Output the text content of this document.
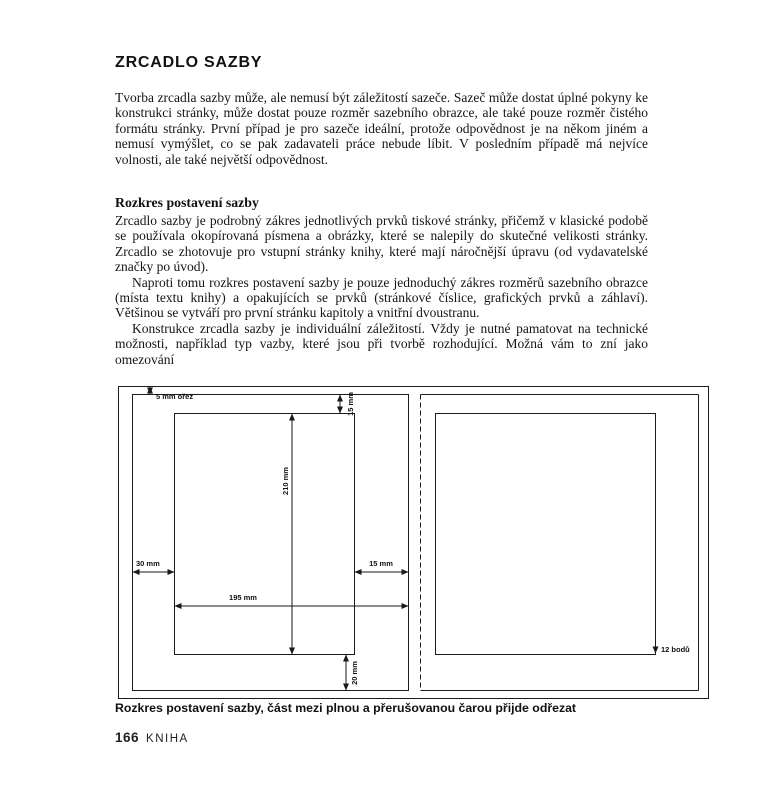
ZRCADLO SAZBY

Tvorba zrcadla sazby může, ale nemusí být záležitostí sazeče. Sazeč může dostat úplné pokyny ke konstrukci stránky, může dostat pouze rozměr sazebního obrazce, ale také pouze rozměr čistého formátu stránky. První případ je pro sazeče ideální, protože odpovědnost je na někom jiném a nemusí vymýšlet, co se pak zadavateli práce nebude líbit. V posledním případě má nejvíce volnosti, ale také největší odpovědnost.

Rozkres postavení sazby

Zrcadlo sazby je podrobný zákres jednotlivých prvků tiskové stránky, přičemž v klasické podobě se používala okopírovaná písmena a obrázky, které se nalepily do skutečné velikosti stránky. Zrcadlo se zhotovuje pro vstupní stránky knihy, které mají náročnější úpravu (od vydavatelské značky po úvod).

Naproti tomu rozkres postavení sazby je pouze jednoduchý zákres rozměrů sazebního obrazce (místa textu knihy) a opakujících se prvků (stránkové číslice, grafických prvků a záhlaví). Většinou se vytváří pro první stránku kapitoly a vnitřní dvoustranu.

Konstrukce zrcadla sazby je individuální záležitostí. Vždy je nutné pamatovat na technické možnosti, například typ vazby, které jsou při tvorbě rozhodující. Možná vám to zní jako omezování

5 mm ořez	15 mm
210 mm
30 mm	15 mm
195 mm
20 mm
12 bodů
Rozkres postavení sazby, část mezi plnou a přerušovanou čarou přijde odřezat
166 KNIHA
